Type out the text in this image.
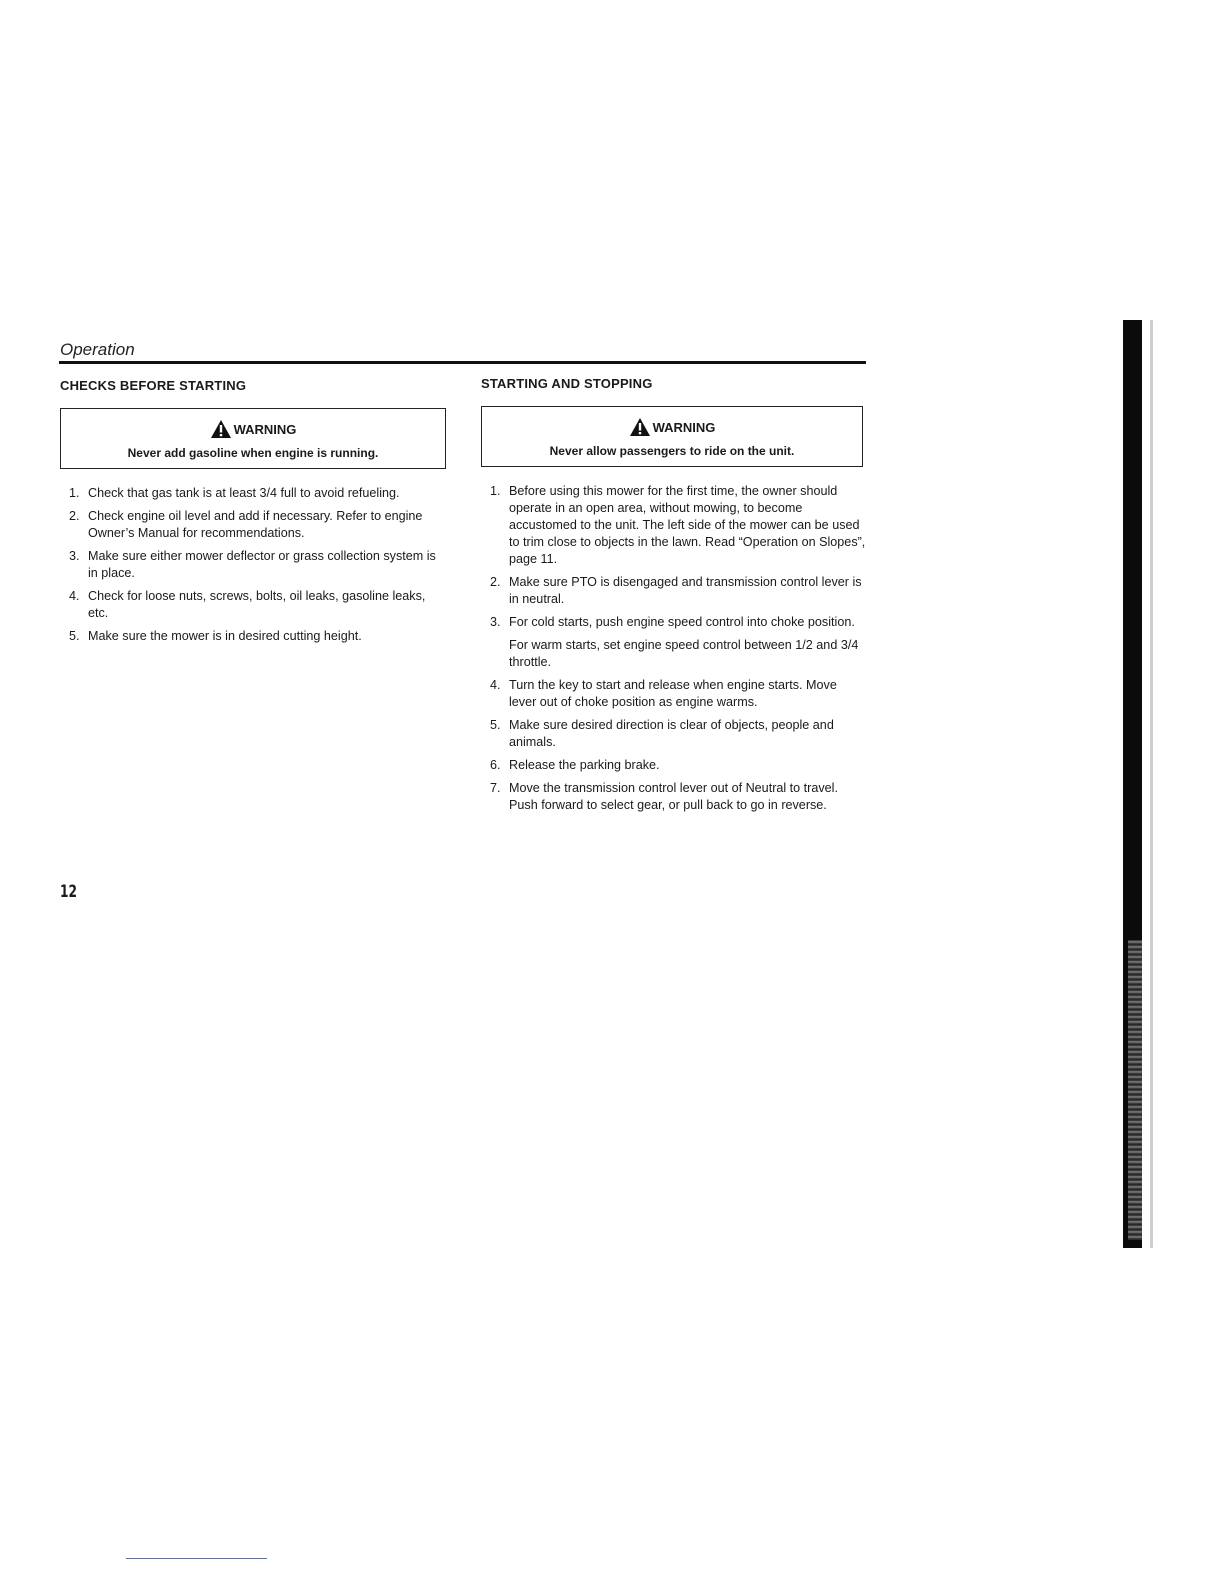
Operation
CHECKS BEFORE STARTING
WARNING
Never add gasoline when engine is running.
1. Check that gas tank is at least 3/4 full to avoid refueling.
2. Check engine oil level and add if necessary. Refer to engine Owner’s Manual for recommendations.
3. Make sure either mower deflector or grass collection system is in place.
4. Check for loose nuts, screws, bolts, oil leaks, gasoline leaks, etc.
5. Make sure the mower is in desired cutting height.
STARTING AND STOPPING
WARNING
Never allow passengers to ride on the unit.
1. Before using this mower for the first time, the owner should operate in an open area, without mowing, to become accustomed to the unit. The left side of the mower can be used to trim close to objects in the lawn. Read “Operation on Slopes”, page 11.
2. Make sure PTO is disengaged and transmission control lever is in neutral.
3. For cold starts, push engine speed control into choke position.
For warm starts, set engine speed control between 1/2 and 3/4 throttle.
4. Turn the key to start and release when engine starts. Move lever out of choke position as engine warms.
5. Make sure desired direction is clear of objects, people and animals.
6. Release the parking brake.
7. Move the transmission control lever out of Neutral to travel. Push forward to select gear, or pull back to go in reverse.
12
